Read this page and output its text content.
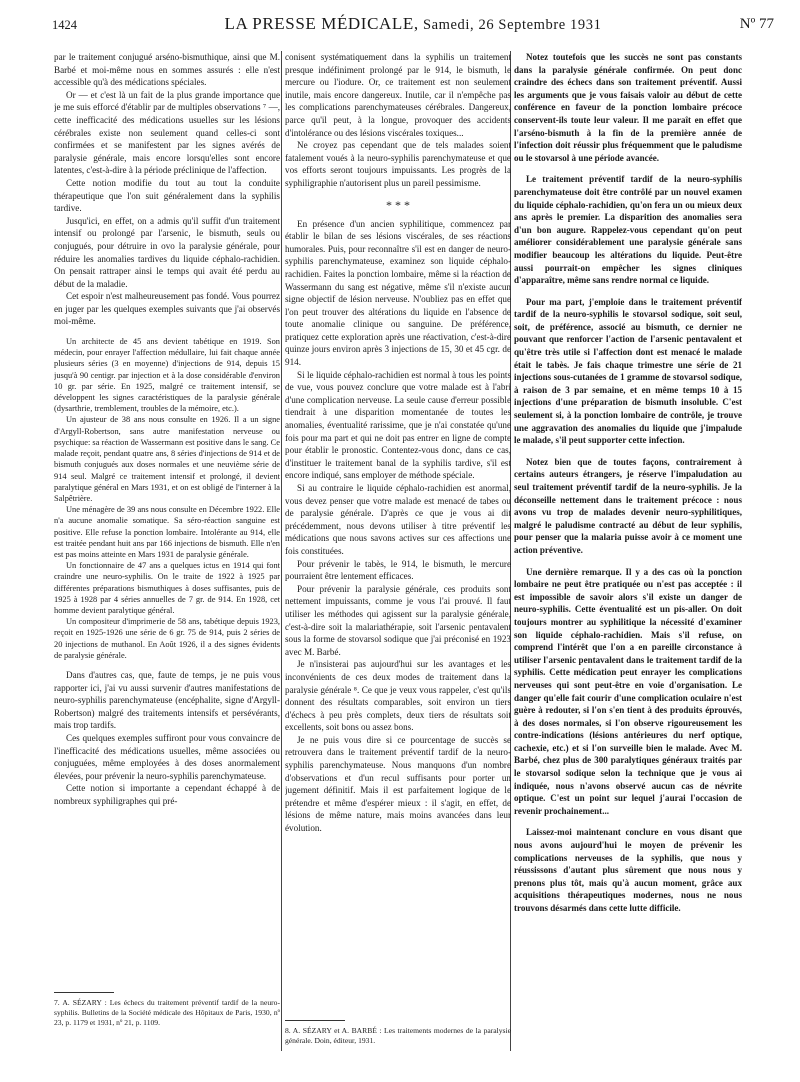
1424	LA PRESSE MÉDICALE, Samedi, 26 Septembre 1931	Nº 77

par le traitement conjugué arséno-bismuthique, ainsi que M. Barbé et moi-même nous en sommes assurés : elle n'est accessible qu'à des médications spéciales.

Or — et c'est là un fait de la plus grande importance que je me suis efforcé d'établir par de multiples observations ⁷ —, cette inefficacité des médications usuelles sur les lésions cérébrales existe non seulement quand celles-ci sont confirmées et se manifestent par les signes avérés de paralysie générale, mais encore lorsqu'elles sont encore latentes, c'est-à-dire à la période préclinique de l'affection.

Cette notion modifie du tout au tout la conduite thérapeutique que l'on suit généralement dans la syphilis tardive.

Jusqu'ici, en effet, on a admis qu'il suffit d'un traitement intensif ou prolongé par l'arsenic, le bismuth, seuls ou conjugués, pour détruire in ovo la paralysie générale, pour réduire les anomalies tardives du liquide céphalo-rachidien. On pensait rattraper ainsi le temps qui avait été perdu au début de la maladie.

Cet espoir n'est malheureusement pas fondé. Vous pourrez en juger par les quelques exemples suivants que j'ai observés moi-même.

Un architecte de 45 ans devient tabétique en 1919. Son médecin, pour enrayer l'affection médullaire, lui fait chaque année plusieurs séries (3 en moyenne) d'injections de 914, depuis 15 jusqu'à 90 centigr. par injection et à la dose considérable d'environ 10 gr. par série. En 1925, malgré ce traitement intensif, se développent les signes caractéristiques de la paralysie générale (dysarthrie, tremblement, troubles de la mémoire, etc.).

Un ajusteur de 38 ans nous consulte en 1926. Il a un signe d'Argyll-Robertson, sans autre manifestation nerveuse ou psychique: sa réaction de Wassermann est positive dans le sang. Ce malade reçoit, pendant quatre ans, 8 séries d'injections de 914 et de bismuth conjugués aux doses normales et une neuvième série de 914 seul. Malgré ce traitement intensif et prolongé, il devient paralytique général en Mars 1931, et on est obligé de l'interner à la Salpêtrière.

Une ménagère de 39 ans nous consulte en Décembre 1922. Elle n'a aucune anomalie somatique. Sa séro-réaction sanguine est positive. Elle refuse la ponction lombaire. Intolérante au 914, elle est traitée pendant huit ans par 166 injections de bismuth. Elle n'en est pas moins atteinte en Mars 1931 de paralysie générale.

Un fonctionnaire de 47 ans a quelques ictus en 1914 qui font craindre une neuro-syphilis. On le traite de 1922 à 1925 par différentes préparations bismuthiques à doses suffisantes, puis de 1925 à 1928 par 4 séries annuelles de 7 gr. de 914. En 1928, cet homme devient paralytique général.

Un compositeur d'imprimerie de 58 ans, tabétique depuis 1923, reçoit en 1925-1926 une série de 6 gr. 75 de 914, puis 2 séries de 20 injections de muthanol. En Août 1926, il a des signes évidents de paralysie générale.

Dans d'autres cas, que, faute de temps, je ne puis vous rapporter ici, j'ai vu aussi survenir d'autres manifestations de neuro-syphilis parenchymateuse (encéphalite, signe d'Argyll-Robertson) malgré des traitements intensifs et persévérants, mais trop tardifs.

Ces quelques exemples suffiront pour vous convaincre de l'inefficacité des médications usuelles, même associées ou conjuguées, même employées à des doses anormalement élevées, pour prévenir la neuro-syphilis parenchymateuse.

Cette notion si importante a cependant échappé à de nombreux syphiligraphes qui pré-

7. A. SÉZARY : Les échecs du traitement préventif tardif de la neuro-syphilis. Bulletins de la Société médicale des Hôpitaux de Paris, 1930, nº 23, p. 1179 et 1931, nº 21, p. 1109.

conisent systématiquement dans la syphilis un traitement presque indéfiniment prolongé par le 914, le bismuth, le mercure ou l'iodure. Or, ce traitement est non seulement inutile, mais encore dangereux. Inutile, car il n'empêche pas les complications parenchymateuses cérébrales. Dangereux, parce qu'il peut, à la longue, provoquer des accidents d'intolérance ou des lésions viscérales toxiques...

Ne croyez pas cependant que de tels malades soient fatalement voués à la neuro-syphilis parenchymateuse et que vos efforts seront toujours impuissants. Les progrès de la syphiligraphie n'autorisent plus un pareil pessimisme.

* * *

En présence d'un ancien syphilitique, commencez par établir le bilan de ses lésions viscérales, de ses réactions humorales. Puis, pour reconnaître s'il est en danger de neuro-syphilis parenchymateuse, examinez son liquide céphalo-rachidien. Faites la ponction lombaire, même si la réaction de Wassermann du sang est négative, même s'il n'existe aucun signe objectif de lésion nerveuse. N'oubliez pas en effet que l'on peut trouver des altérations du liquide en l'absence de toute anomalie clinique ou sanguine. De préférence, pratiquez cette exploration après une réactivation, c'est-à-dire quinze jours environ après 3 injections de 15, 30 et 45 cgr. de 914.

Si le liquide céphalo-rachidien est normal à tous les points de vue, vous pouvez conclure que votre malade est à l'abri d'une complication nerveuse. La seule cause d'erreur possible tiendrait à une disparition momentanée de toutes les anomalies, éventualité rarissime, que je n'ai constatée qu'une fois pour ma part et qui ne doit pas entrer en ligne de compte pour établir le pronostic. Contentez-vous donc, dans ce cas, d'instituer le traitement banal de la syphilis tardive, s'il est encore indiqué, sans employer de méthode spéciale.

Si au contraire le liquide céphalo-rachidien est anormal, vous devez penser que votre malade est menacé de tabes ou de paralysie générale. D'après ce que je vous ai dit précédemment, nous devons utiliser à titre préventif les médications que nous savons actives sur ces affections une fois constituées.

Pour prévenir le tabès, le 914, le bismuth, le mercure pourraient être lentement efficaces.

Pour prévenir la paralysie générale, ces produits sont nettement impuissants, comme je vous l'ai prouvé. Il faut utiliser les méthodes qui agissent sur la paralysie générale, c'est-à-dire soit la malariathérapie, soit l'arsenic pentavalent sous la forme de stovarsol sodique que j'ai préconisé en 1923 avec M. Barbé.

Je n'insisterai pas aujourd'hui sur les avantages et les inconvénients de ces deux modes de traitement dans la paralysie générale ⁸. Ce que je veux vous rappeler, c'est qu'ils donnent des résultats comparables, soit environ un tiers d'échecs à peu près complets, deux tiers de résultats soit excellents, soit bons ou assez bons.

Je ne puis vous dire si ce pourcentage de succès se retrouvera dans le traitement préventif tardif de la neuro-syphilis parenchymateuse. Nous manquons d'un nombre d'observations et d'un recul suffisants pour porter un jugement définitif. Mais il est parfaitement logique de le prétendre et même d'espérer mieux : il s'agit, en effet, de lésions de même nature, mais moins avancées dans leur évolution.

8. A. SÉZARY et A. BARBÉ : Les traitements modernes de la paralysie générale. Doin, éditeur, 1931.

Notez toutefois que les succès ne sont pas constants dans la paralysie générale confirmée. On peut donc craindre des échecs dans son traitement préventif. Aussi les arguments que je vous faisais valoir au début de cette conférence en faveur de la ponction lombaire précoce conservent-ils toute leur valeur. Il me paraît en effet que l'arséno-bismuth à la fin de la première année de l'infection doit réussir plus fréquemment que le paludisme ou le stovarsol à une période avancée.

Le traitement préventif tardif de la neuro-syphilis parenchymateuse doit être contrôlé par un nouvel examen du liquide céphalo-rachidien, qu'on fera un ou mieux deux ans après le premier. La disparition des anomalies sera d'un bon augure. Rappelez-vous cependant qu'on peut améliorer considérablement une paralysie générale sans modifier beaucoup les altérations du liquide. Peut-être aussi pourrait-on empêcher les signes cliniques d'apparaître, même sans rendre normal ce liquide.

Pour ma part, j'emploie dans le traitement préventif tardif de la neuro-syphilis le stovarsol sodique, soit seul, soit, de préférence, associé au bismuth, ce dernier ne pouvant que renforcer l'action de l'arsenic pentavalent et qu'être très utile si l'affection dont est menacé le malade était le tabès. Je fais chaque trimestre une série de 21 injections sous-cutanées de 1 gramme de stovarsol sodique, à raison de 3 par semaine, et en même temps 10 à 15 injections d'une préparation de bismuth insoluble. C'est seulement si, à la ponction lombaire de contrôle, je trouve une aggravation des anomalies du liquide que j'impaludе le malade, s'il peut supporter cette infection.

Notez bien que de toutes façons, contrairement à certains auteurs étrangers, je réserve l'impaludation au seul traitement préventif tardif de la neuro-syphilis. Je la déconseille nettement dans le traitement précoce : nous avons vu trop de malades devenir neuro-syphilitiques, malgré le paludisme contracté au début de leur syphilis, pour penser que la malaria puisse avoir à ce moment une action préventive.

Une dernière remarque. Il y a des cas où la ponction lombaire ne peut être pratiquée ou n'est pas acceptée : il est impossible de savoir alors s'il existe un danger de neuro-syphilis. Cette éventualité est un pis-aller. On doit toujours montrer au syphilitique la nécessité d'examiner son liquide céphalo-rachidien. Mais s'il refuse, on comprend l'intérêt que l'on a en pareille circonstance à utiliser l'arsenic pentavalent dans le traitement tardif de la syphilis. Cette médication peut enrayer les complications nerveuses qui sont peut-être en voie d'organisation. Le danger qu'elle fait courir d'une complication oculaire n'est guère à redouter, si l'on s'en tient à des produits éprouvés, à des doses normales, si l'on observe rigoureusement les contre-indications (lésions antérieures du nerf optique, cachexie, etc.) et si l'on surveille bien le malade. Avec M. Barbé, chez plus de 300 paralytiques généraux traités par le stovarsol sodique selon la technique que je vous ai indiquée, nous n'avons observé aucun cas de névrite optique. C'est un point sur lequel j'aurai l'occasion de revenir prochainement...

Laissez-moi maintenant conclure en vous disant que nous avons aujourd'hui le moyen de prévenir les complications nerveuses de la syphilis, que nous y réussissons d'autant plus sûrement que nous nous y prenons plus tôt, mais qu'à aucun moment, grâce aux acquisitions thérapeutiques modernes, nous ne nous trouvons désarmés dans cette lutte difficile.
